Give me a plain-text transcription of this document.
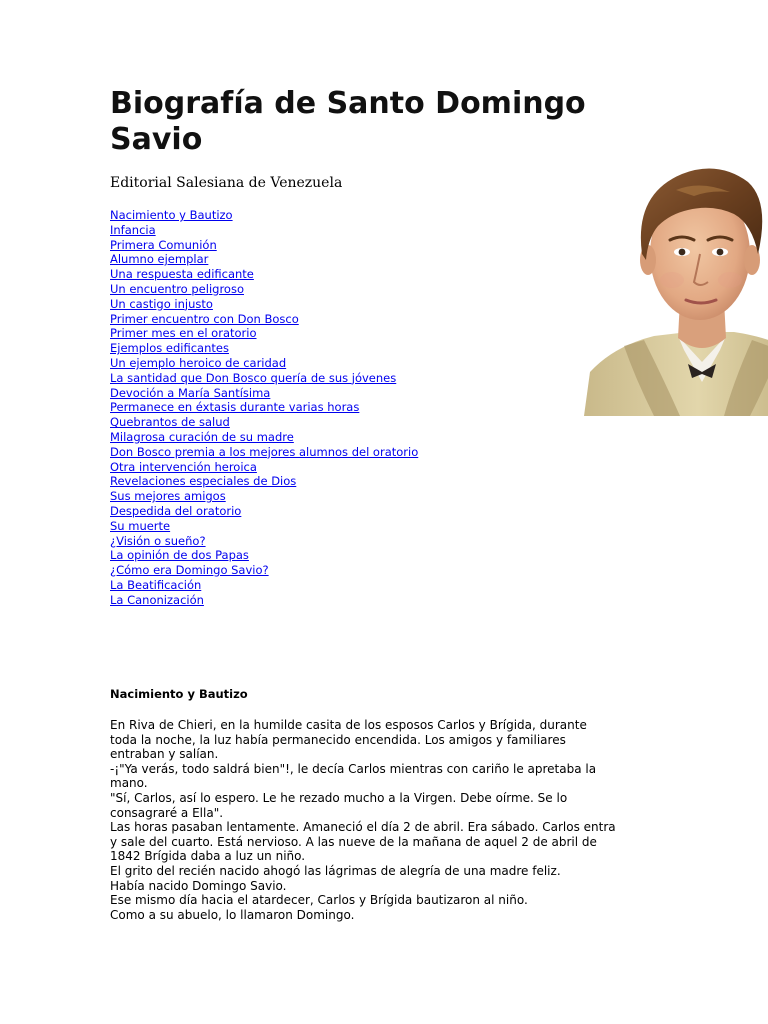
Biografía de Santo Domingo Savio
Editorial Salesiana de Venezuela
Nacimiento y Bautizo
Infancia
Primera Comunión
Alumno ejemplar
Una respuesta edificante
Un encuentro peligroso
Un castigo injusto
Primer encuentro con Don Bosco
Primer mes en el oratorio
Ejemplos edificantes
Un ejemplo heroico de caridad
La santidad que Don Bosco quería de sus jóvenes
Devoción a María Santísima
Permanece en éxtasis durante varias horas
Quebrantos de salud
Milagrosa curación de su madre
Don Bosco premia a los mejores alumnos del oratorio
Otra intervención heroica
Revelaciones especiales de Dios
Sus mejores amigos
Despedida del oratorio
Su muerte
¿Visión o sueño?
La opinión de dos Papas
¿Cómo era Domingo Savio?
La Beatificación
La Canonización
Nacimiento y Bautizo

En Riva de Chieri, en la humilde casita de los esposos Carlos y Brígida, durante

toda la noche, la luz había permanecido encendida. Los amigos y familiares

entraban y salían.

-¡"Ya verás, todo saldrá bien"!, le decía Carlos mientras con cariño le apretaba la

mano.

"Sí, Carlos, así lo espero. Le he rezado mucho a la Virgen. Debe oírme. Se lo

consagraré a Ella".

Las horas pasaban lentamente. Amaneció el día 2 de abril. Era sábado. Carlos entra

y sale del cuarto. Está nervioso. A las nueve de la mañana de aquel 2 de abril de

1842 Brígida daba a luz un niño.

El grito del recién nacido ahogó las lágrimas de alegría de una madre feliz.

Había nacido Domingo Savio.

Ese mismo día hacia el atardecer, Carlos y Brígida bautizaron al niño.

Como a su abuelo, lo llamaron Domingo.
